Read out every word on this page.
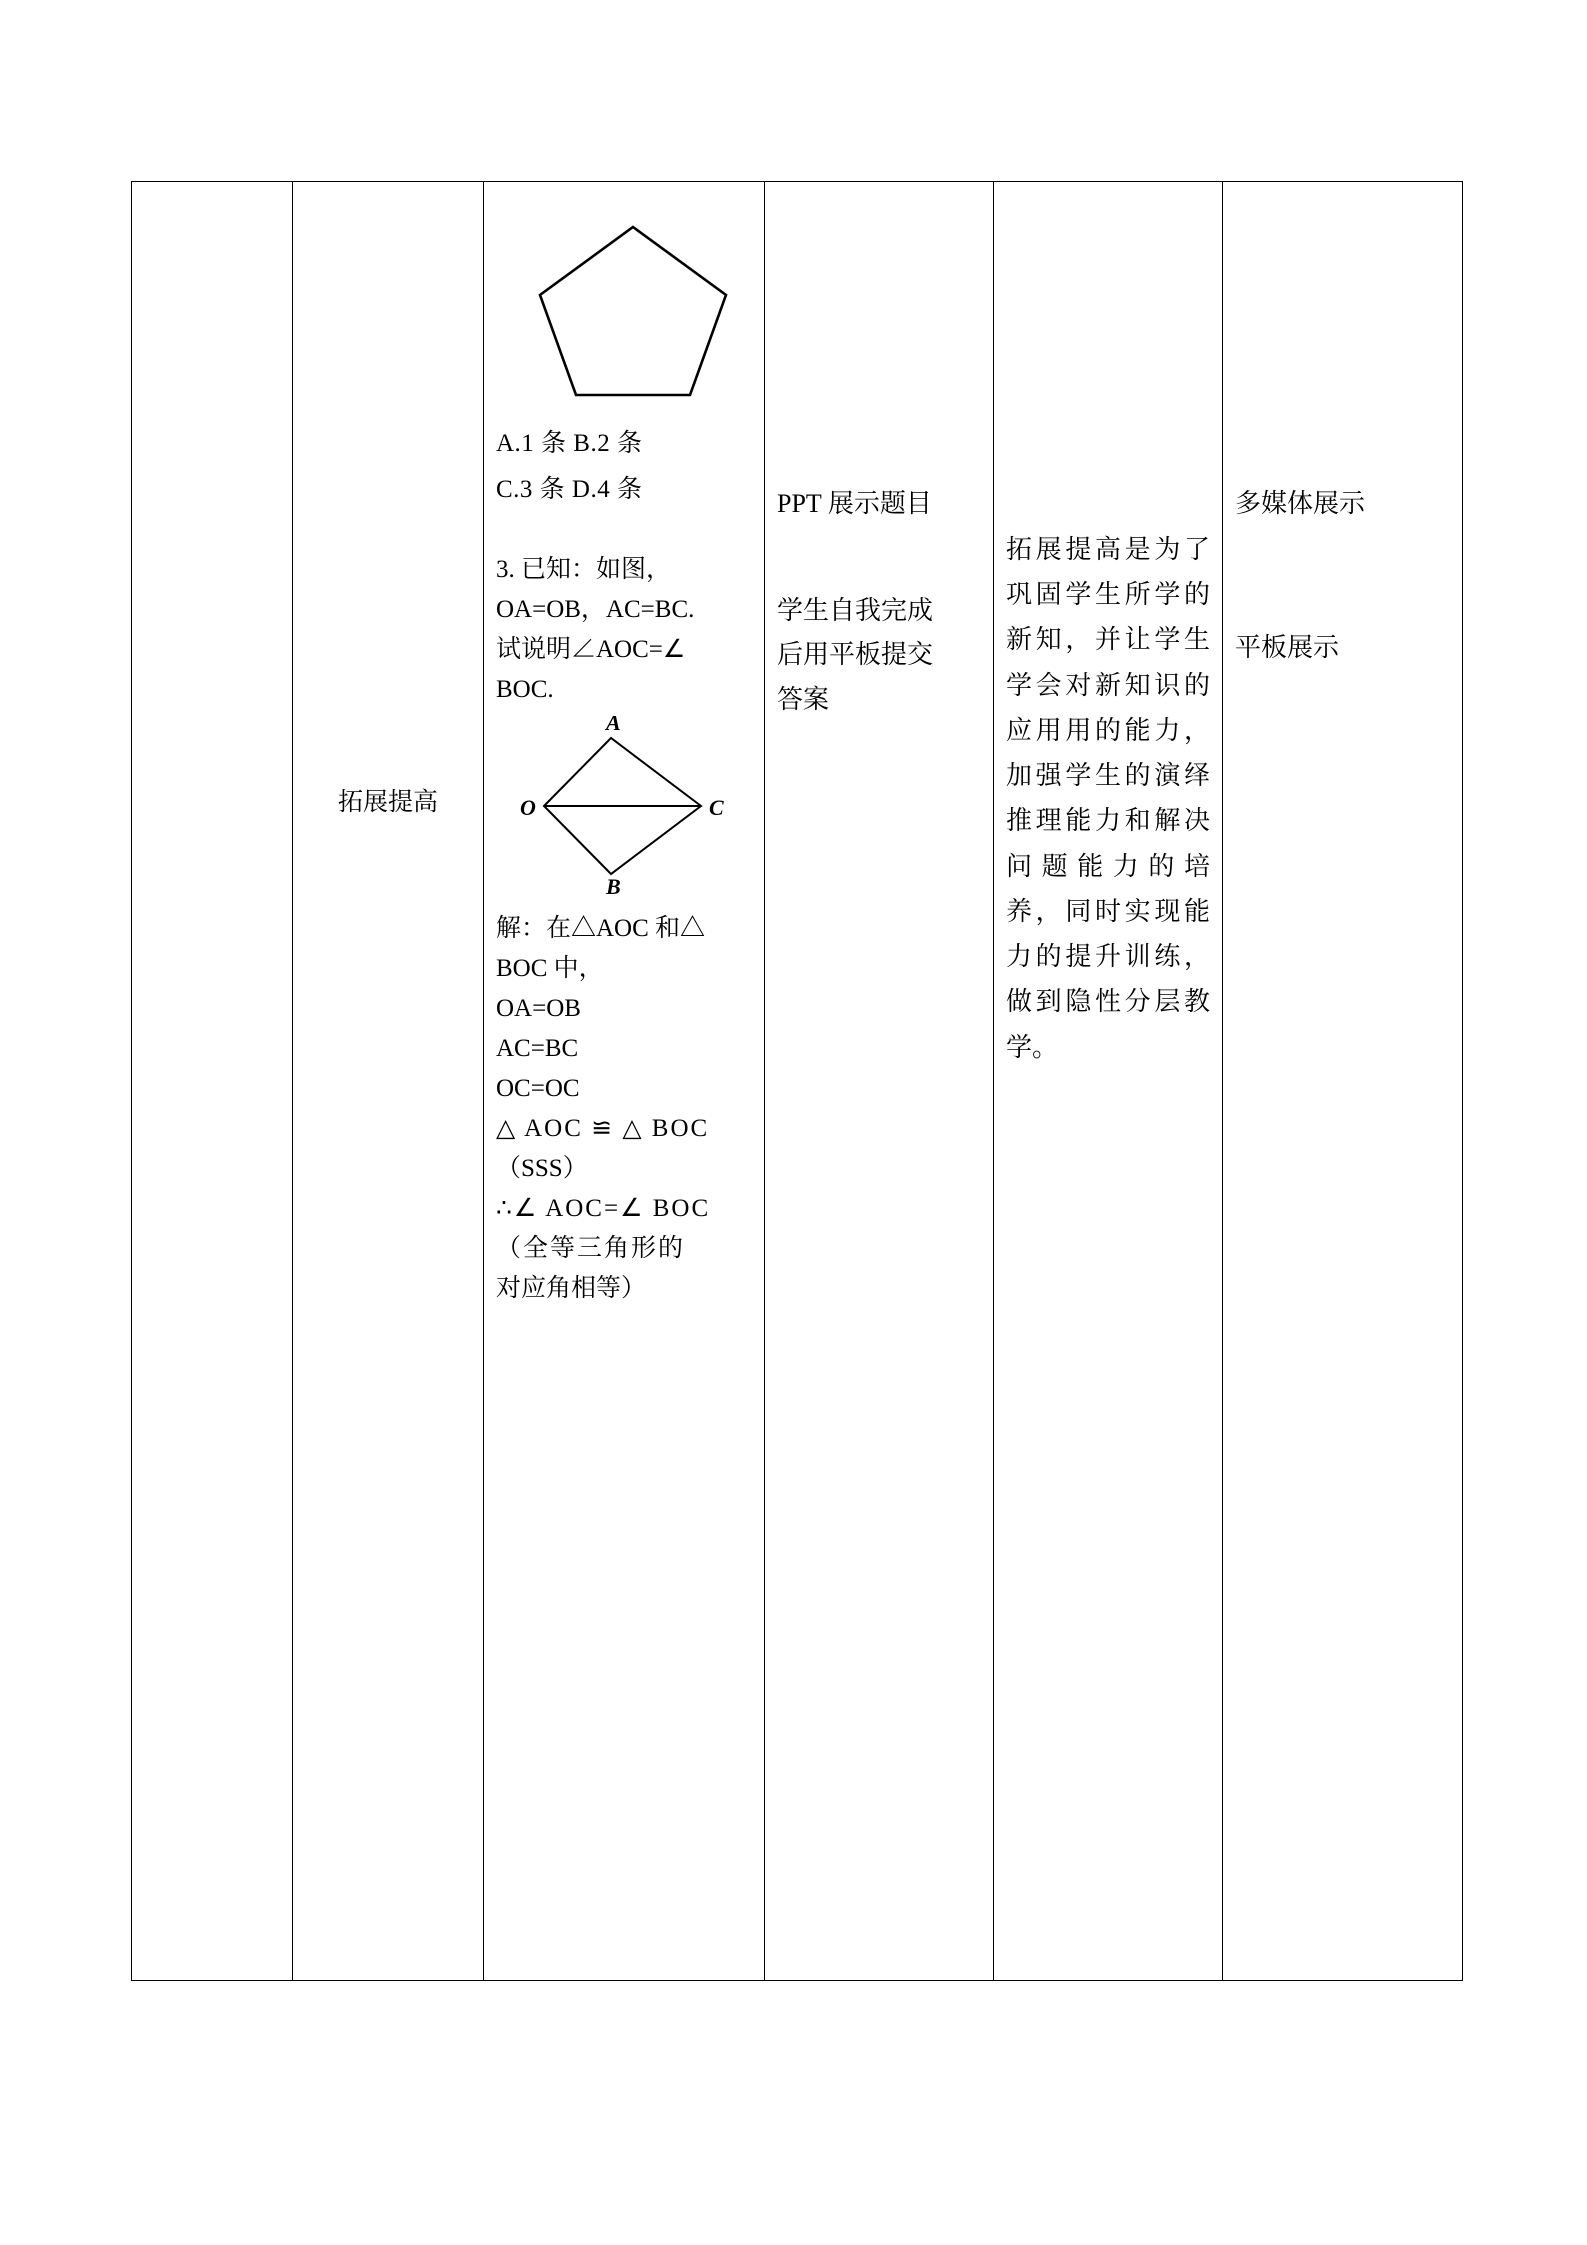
拓展提高

A.1 条 B.2 条
C.3 条 D.4 条
3. 已知：如图，
OA=OB，AC=BC.
试说明∠AOC=∠
BOC.
A
B
O	C
解：在△AOC 和△
BOC 中，
OA=OB
AC=BC
OC=OC
△ AOC ≌ △ BOC
（SSS）
∴∠ AOC=∠ BOC
（全等三角形的
对应角相等）

PPT 展示题目
学生自我完成
后用平板提交
答案

拓展提高是为了巩固学生所学的新知，并让学生学会对新知识的应用用的能力，加强学生的演绎推理能力和解决问题能力的培养，同时实现能力的提升训练，做到隐性分层教学。

多媒体展示
平板展示
